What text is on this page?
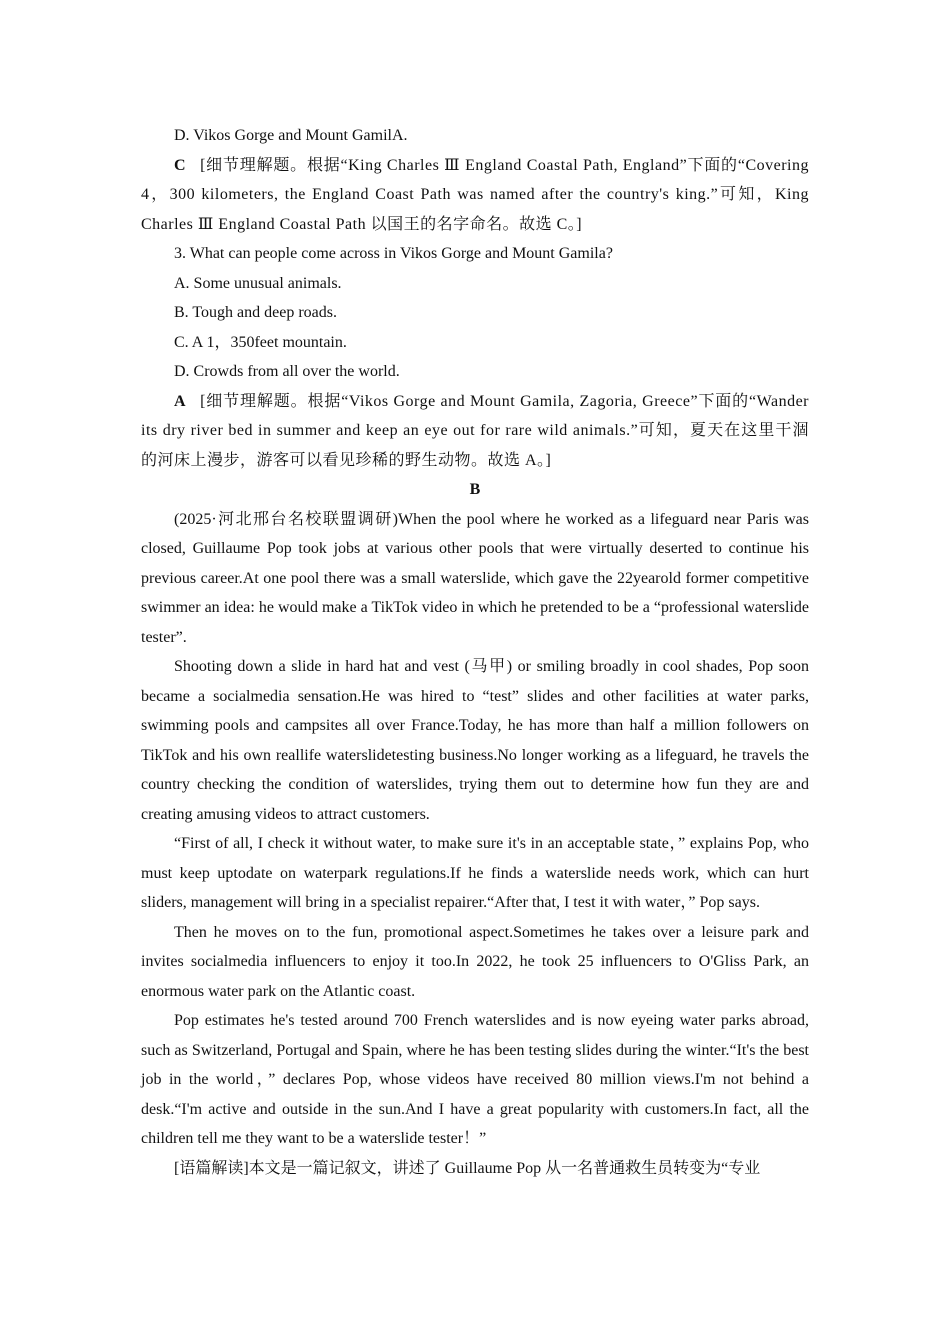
D. Vikos Gorge and Mount GamilA.

C [细节理解题。根据“King Charles Ⅲ England Coastal Path, England”下面的“Covering 4，300 kilometers, the England Coast Path was named after the country's king.”可知，King Charles Ⅲ England Coastal Path 以国王的名字命名。故选 C。]

3. What can people come across in Vikos Gorge and Mount Gamila?

A. Some unusual animals.

B. Tough and deep roads.

C. A 1，350feet mountain.

D. Crowds from all over the world.

A [细节理解题。根据“Vikos Gorge and Mount Gamila, Zagoria, Greece”下面的“Wander its dry river bed in summer and keep an eye out for rare wild animals.”可知，夏天在这里干涸的河床上漫步，游客可以看见珍稀的野生动物。故选 A。]

B

(2025·河北邢台名校联盟调研)When the pool where he worked as a lifeguard near Paris was closed, Guillaume Pop took jobs at various other pools that were virtually deserted to continue his previous career.At one pool there was a small waterslide, which gave the 22yearold former competitive swimmer an idea: he would make a TikTok video in which he pretended to be a “professional waterslide tester”.

Shooting down a slide in hard hat and vest (马甲) or smiling broadly in cool shades, Pop soon became a socialmedia sensation.He was hired to “test” slides and other facilities at water parks, swimming pools and campsites all over France.Today, he has more than half a million followers on TikTok and his own reallife waterslidetesting business.No longer working as a lifeguard, he travels the country checking the condition of waterslides, trying them out to determine how fun they are and creating amusing videos to attract customers.

“First of all, I check it without water, to make sure it's in an acceptable state，” explains Pop, who must keep uptodate on waterpark regulations.If he finds a waterslide needs work, which can hurt sliders, management will bring in a specialist repairer.“After that, I test it with water，” Pop says.

Then he moves on to the fun, promotional aspect.Sometimes he takes over a leisure park and invites socialmedia influencers to enjoy it too.In 2022, he took 25 influencers to O'Gliss Park, an enormous water park on the Atlantic coast.

Pop estimates he's tested around 700 French waterslides and is now eyeing water parks abroad, such as Switzerland, Portugal and Spain, where he has been testing slides during the winter.“It's the best job in the world，” declares Pop, whose videos have received 80 million views.I'm not behind a desk.“I'm active and outside in the sun.And I have a great popularity with customers.In fact, all the children tell me they want to be a waterslide tester！”

[语篇解读]本文是一篇记叙文，讲述了 Guillaume Pop 从一名普通救生员转变为“专业
